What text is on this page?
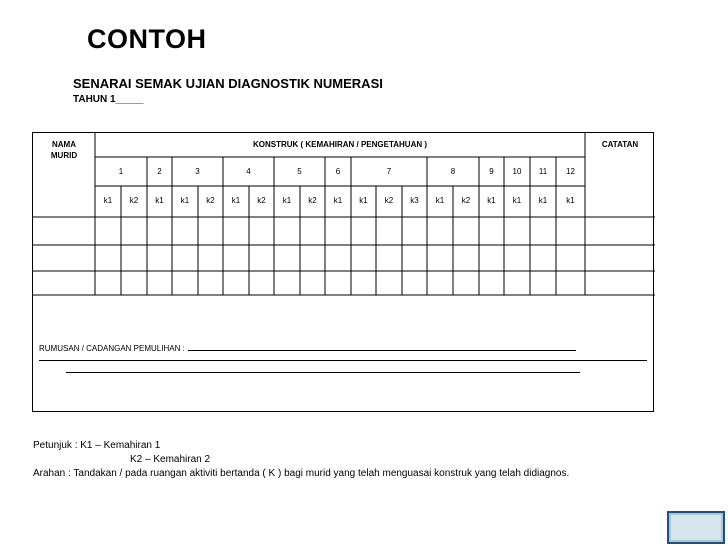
CONTOH
SENARAI SEMAK UJIAN DIAGNOSTIK NUMERASI
TAHUN 1_____
NAMA
MURID
KONSTRUK ( KEMAHIRAN / PENGETAHUAN )	CATATAN
1	2	3	4	5	6	7	8	9	10	11	12
k1	k2	k1	k1	k2	k1	k2	k1	k2	k1	k1	k2	k3	k1	k2	k1	k1	k1	k1
RUMUSAN / CADANGAN PEMULIHAN :
Petunjuk : K1 – Kemahiran 1
K2 – Kemahiran 2
Arahan : Tandakan / pada ruangan aktiviti bertanda ( K ) bagi murid yang telah menguasai konstruk yang telah didiagnos.
